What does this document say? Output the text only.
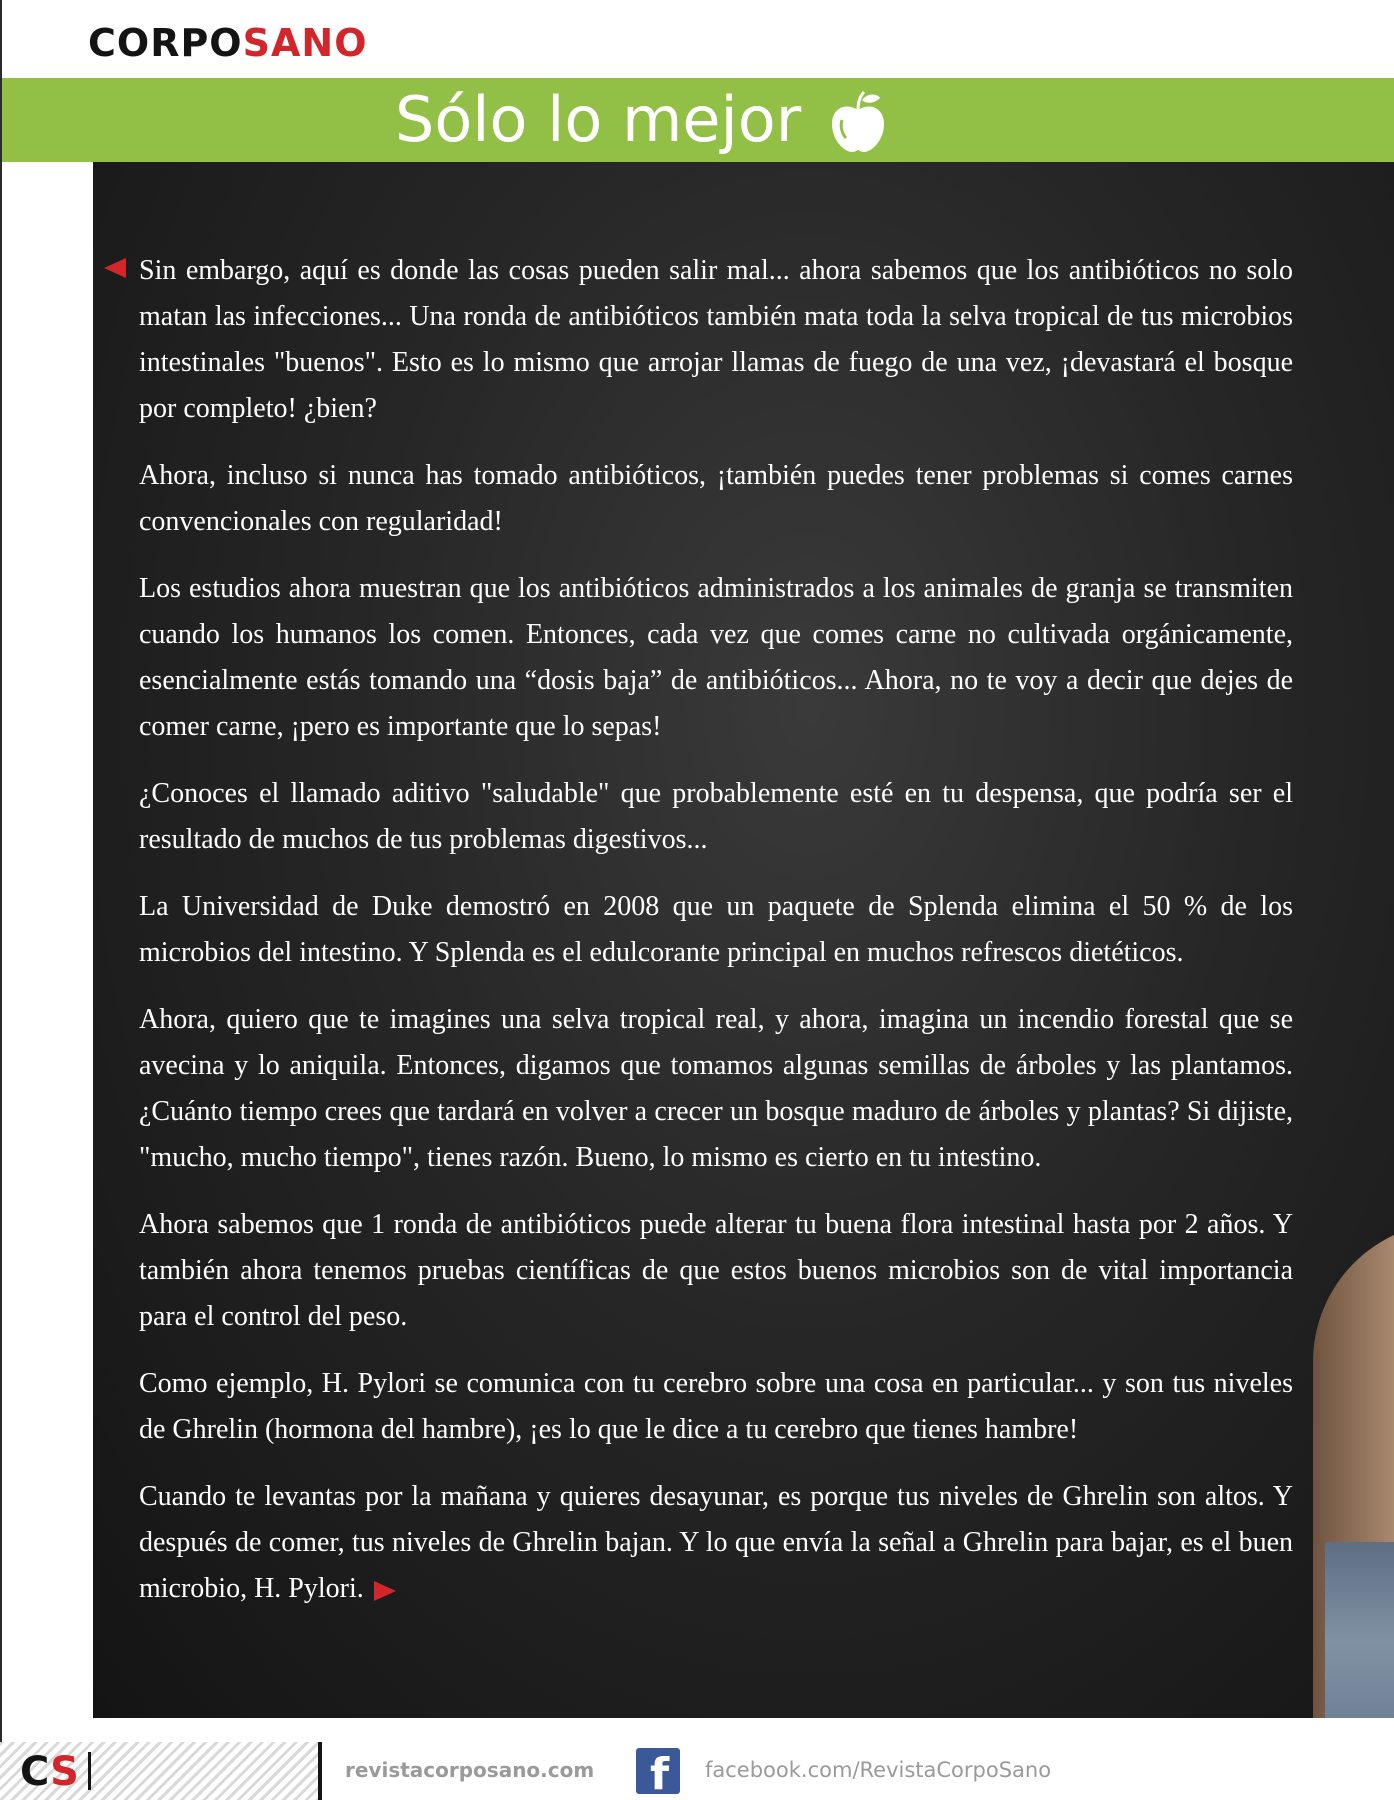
CORPOSANO
Sólo lo mejor

Sin embargo, aquí es donde las cosas pueden salir mal... ahora sabemos que los antibióticos no solo matan las infecciones... Una ronda de antibióticos también mata toda la selva tropical de tus microbios intestinales "buenos". Esto es lo mismo que arrojar llamas de fuego de una vez, ¡devastará el bosque por completo! ¿bien?

Ahora, incluso si nunca has tomado antibióticos, ¡también puedes tener problemas si comes carnes convencionales con regularidad!

Los estudios ahora muestran que los antibióticos administrados a los animales de granja se transmiten cuando los humanos los comen. Entonces, cada vez que comes carne no cultivada orgánicamente, esencialmente estás tomando una “dosis baja” de antibióticos... Ahora, no te voy a decir que dejes de comer carne, ¡pero es importante que lo sepas!

¿Conoces el llamado aditivo "saludable" que probablemente esté en tu despensa, que podría ser el resultado de muchos de tus problemas digestivos...

La Universidad de Duke demostró en 2008 que un paquete de Splenda elimina el 50 % de los microbios del intestino. Y Splenda es el edulcorante principal en muchos refrescos dietéticos.

Ahora, quiero que te imagines una selva tropical real, y ahora, imagina un incendio forestal que se avecina y lo aniquila. Entonces, digamos que tomamos algunas semillas de árboles y las plantamos. ¿Cuánto tiempo crees que tardará en volver a crecer un bosque maduro de árboles y plantas? Si dijiste, "mucho, mucho tiempo", tienes razón. Bueno, lo mismo es cierto en tu intestino.

Ahora sabemos que 1 ronda de antibióticos puede alterar tu buena flora intestinal hasta por 2 años. Y también ahora tenemos pruebas científicas de que estos buenos microbios son de vital importancia para el control del peso.

Como ejemplo, H. Pylori se comunica con tu cerebro sobre una cosa en particular... y son tus niveles de Ghrelin (hormona del hambre), ¡es lo que le dice a tu cerebro que tienes hambre!

Cuando te levantas por la mañana y quieres desayunar, es porque tus niveles de Ghrelin son altos. Y después de comer, tus niveles de Ghrelin bajan. Y lo que envía la señal a Ghrelin para bajar, es el buen microbio, H. Pylori.

CS	revistacorposano.com f facebook.com/RevistaCorpoSano
